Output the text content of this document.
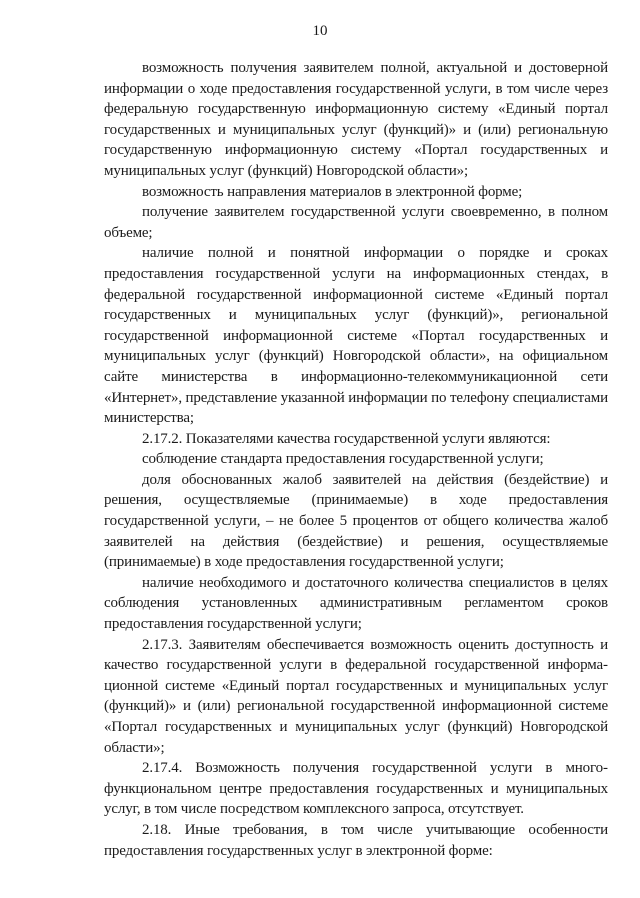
10

возможность получения заявителем полной, актуальной и достоверной информации о ходе предоставления государственной услуги, в том числе через федеральную государственную информационную систему «Единый портал государственных и муниципальных услуг (функций)» и (или) региональную государственную информационную систему «Портал государственных и муниципальных услуг (функций) Новгородской области»;

возможность направления материалов в электронной форме;

получение заявителем государственной услуги своевременно, в полном объеме;

наличие полной и понятной информации о порядке и сроках предоставления государственной услуги на информационных стендах, в федеральной государственной информационной системе «Единый портал государственных и муниципальных услуг (функций)», региональной государственной информационной системе «Портал государственных и муниципальных услуг (функций) Новгородской области», на официальном сайте министерства в информационно-телекоммуникационной сети «Интернет», представление указанной информации по телефону специалистами министерства;

2.17.2. Показателями качества государственной услуги являются:

соблюдение стандарта предоставления государственной услуги;

доля обоснованных жалоб заявителей на действия (бездействие) и решения, осуществляемые (принимаемые) в ходе предоставления государственной услуги, – не более 5 процентов от общего количества жалоб заявителей на действия (бездействие) и решения, осуществляемые (принимаемые) в ходе предоставления государственной услуги;

наличие необходимого и достаточного количества специалистов в целях соблюдения установленных административным регламентом сроков предоставления государственной услуги;

2.17.3. Заявителям обеспечивается возможность оценить доступность и качество государственной услуги в федеральной государственной информационной системе «Единый портал государственных и муниципальных услуг (функций)» и (или) региональной государственной информационной системе «Портал государственных и муниципальных услуг (функций) Новгородской области»;

2.17.4. Возможность получения государственной услуги в многофункциональном центре предоставления государственных и муниципальных услуг, в том числе посредством комплексного запроса, отсутствует.

2.18. Иные требования, в том числе учитывающие особенности предоставления государственных услуг в электронной форме:
